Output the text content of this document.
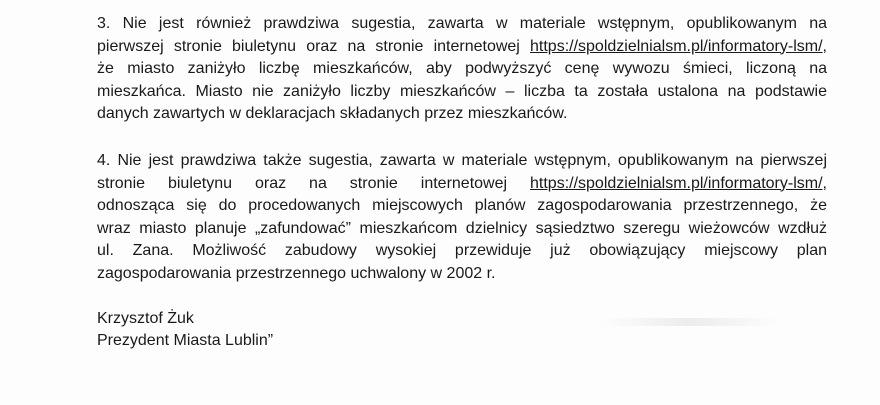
3. Nie jest również prawdziwa sugestia, zawarta w materiale wstępnym, opublikowanym na
pierwszej stronie biuletynu oraz na stronie internetowej https://spoldzielnialsm.pl/informatory-lsm/,
że miasto zaniżyło liczbę mieszkańców, aby podwyższyć cenę wywozu śmieci, liczoną na
mieszkańca. Miasto nie zaniżyło liczby mieszkańców – liczba ta została ustalona na podstawie
danych zawartych w deklaracjach składanych przez mieszkańców.
4. Nie jest prawdziwa także sugestia, zawarta w materiale wstępnym, opublikowanym na pierwszej
stronie biuletynu oraz na stronie internetowej https://spoldzielnialsm.pl/informatory-lsm/,
odnosząca się do procedowanych miejscowych planów zagospodarowania przestrzennego, że
wraz miasto planuje „zafundować” mieszkańcom dzielnicy sąsiedztwo szeregu wieżowców wzdłuż
ul. Zana. Możliwość zabudowy wysokiej przewiduje już obowiązujący miejscowy plan
zagospodarowania przestrzennego uchwalony w 2002 r.
Krzysztof Żuk
Prezydent Miasta Lublin”
